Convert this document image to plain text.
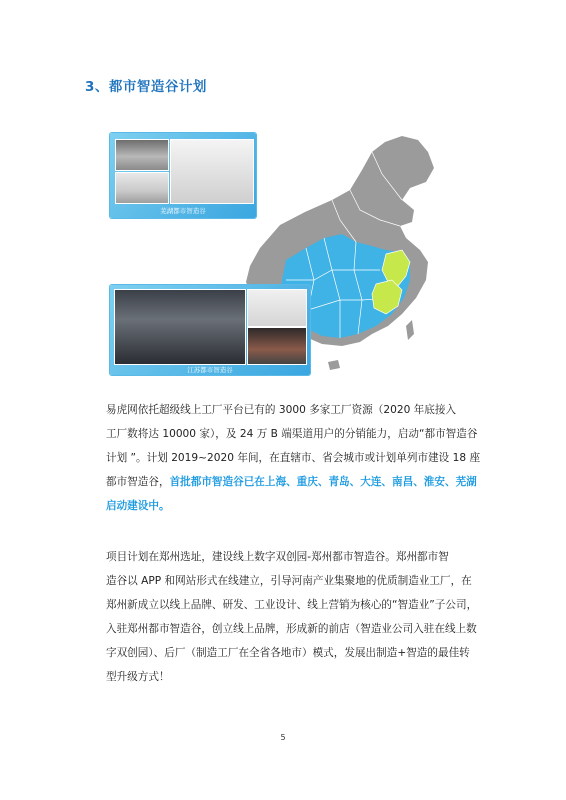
3、都市智造谷计划
芜湖都市智造谷
江苏都市智造谷
易虎网依托超级线上工厂平台已有的 3000 多家工厂资源（2020 年底接入
工厂数将达 10000 家），及 24 万 B 端渠道用户的分销能力，启动“都市智造谷
计划 ”。计划 2019~2020 年间，在直辖市、省会城市或计划单列市建设 18 座
都市智造谷，首批都市智造谷已在上海、重庆、青岛、大连、南昌、淮安、芜湖
启动建设中。
项目计划在郑州选址，建设线上数字双创园-郑州都市智造谷。郑州都市智
造谷以 APP 和网站形式在线建立，引导河南产业集聚地的优质制造业工厂，在
郑州新成立以线上品牌、研发、工业设计、线上营销为核心的“智造业”子公司，
入驻郑州都市智造谷，创立线上品牌，形成新的前店（智造业公司入驻在线上数
字双创园）、后厂（制造工厂在全省各地市）模式，发展出制造+智造的最佳转
型升级方式！
5
